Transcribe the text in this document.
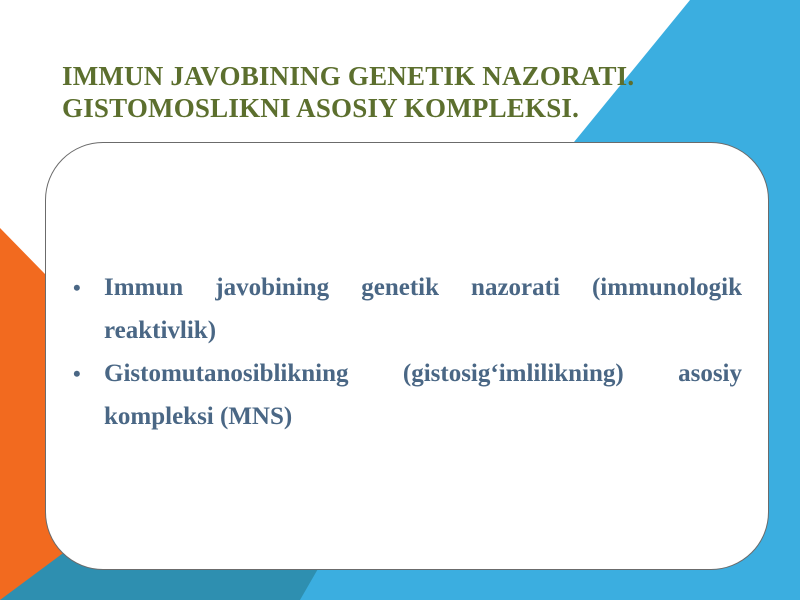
IMMUN JAVOBINING GENETIK NAZORATI.
GISTOMOSLIKNI ASOSIY KOMPLEKSI.
• Immun javobining genetik nazorati (immunologik reaktivlik)
• Gistomutanosiblikning (gistosig‘imlilikning) asosiy kompleksi (MNS)
